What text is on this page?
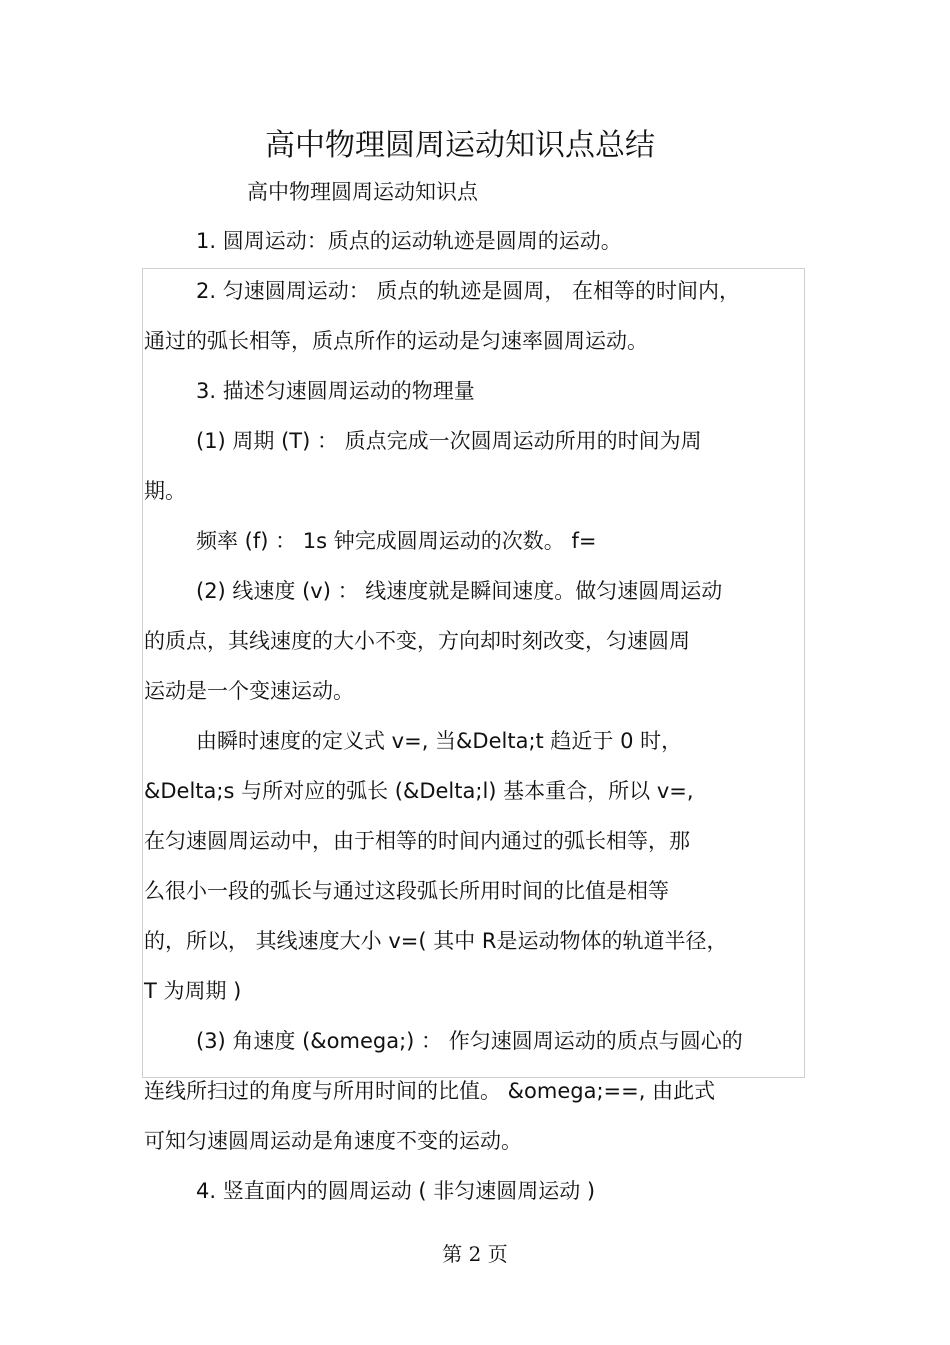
高中物理圆周运动知识点总结
高中物理圆周运动知识点
1. 圆周运动：质点的运动轨迹是圆周的运动。
2. 匀速圆周运动： 质点的轨迹是圆周， 在相等的时间内，
通过的弧长相等，质点所作的运动是匀速率圆周运动。
3. 描述匀速圆周运动的物理量
(1) 周期 (T) ： 质点完成一次圆周运动所用的时间为周
期。
频率 (f) ： 1s 钟完成圆周运动的次数。 f=
(2) 线速度 (v) ： 线速度就是瞬间速度。做匀速圆周运动
的质点，其线速度的大小不变，方向却时刻改变，匀速圆周
运动是一个变速运动。
由瞬时速度的定义式 v=, 当&Delta;t 趋近于 0 时，
&Delta;s 与所对应的弧长 (&Delta;l) 基本重合，所以 v=,
在匀速圆周运动中，由于相等的时间内通过的弧长相等，那
么很小一段的弧长与通过这段弧长所用时间的比值是相等
的，所以， 其线速度大小 v=( 其中 R是运动物体的轨道半径，
T 为周期 )
(3) 角速度 (&omega;) ： 作匀速圆周运动的质点与圆心的
连线所扫过的角度与所用时间的比值。 &omega;==, 由此式
可知匀速圆周运动是角速度不变的运动。
4. 竖直面内的圆周运动 ( 非匀速圆周运动 )
第 2 页
